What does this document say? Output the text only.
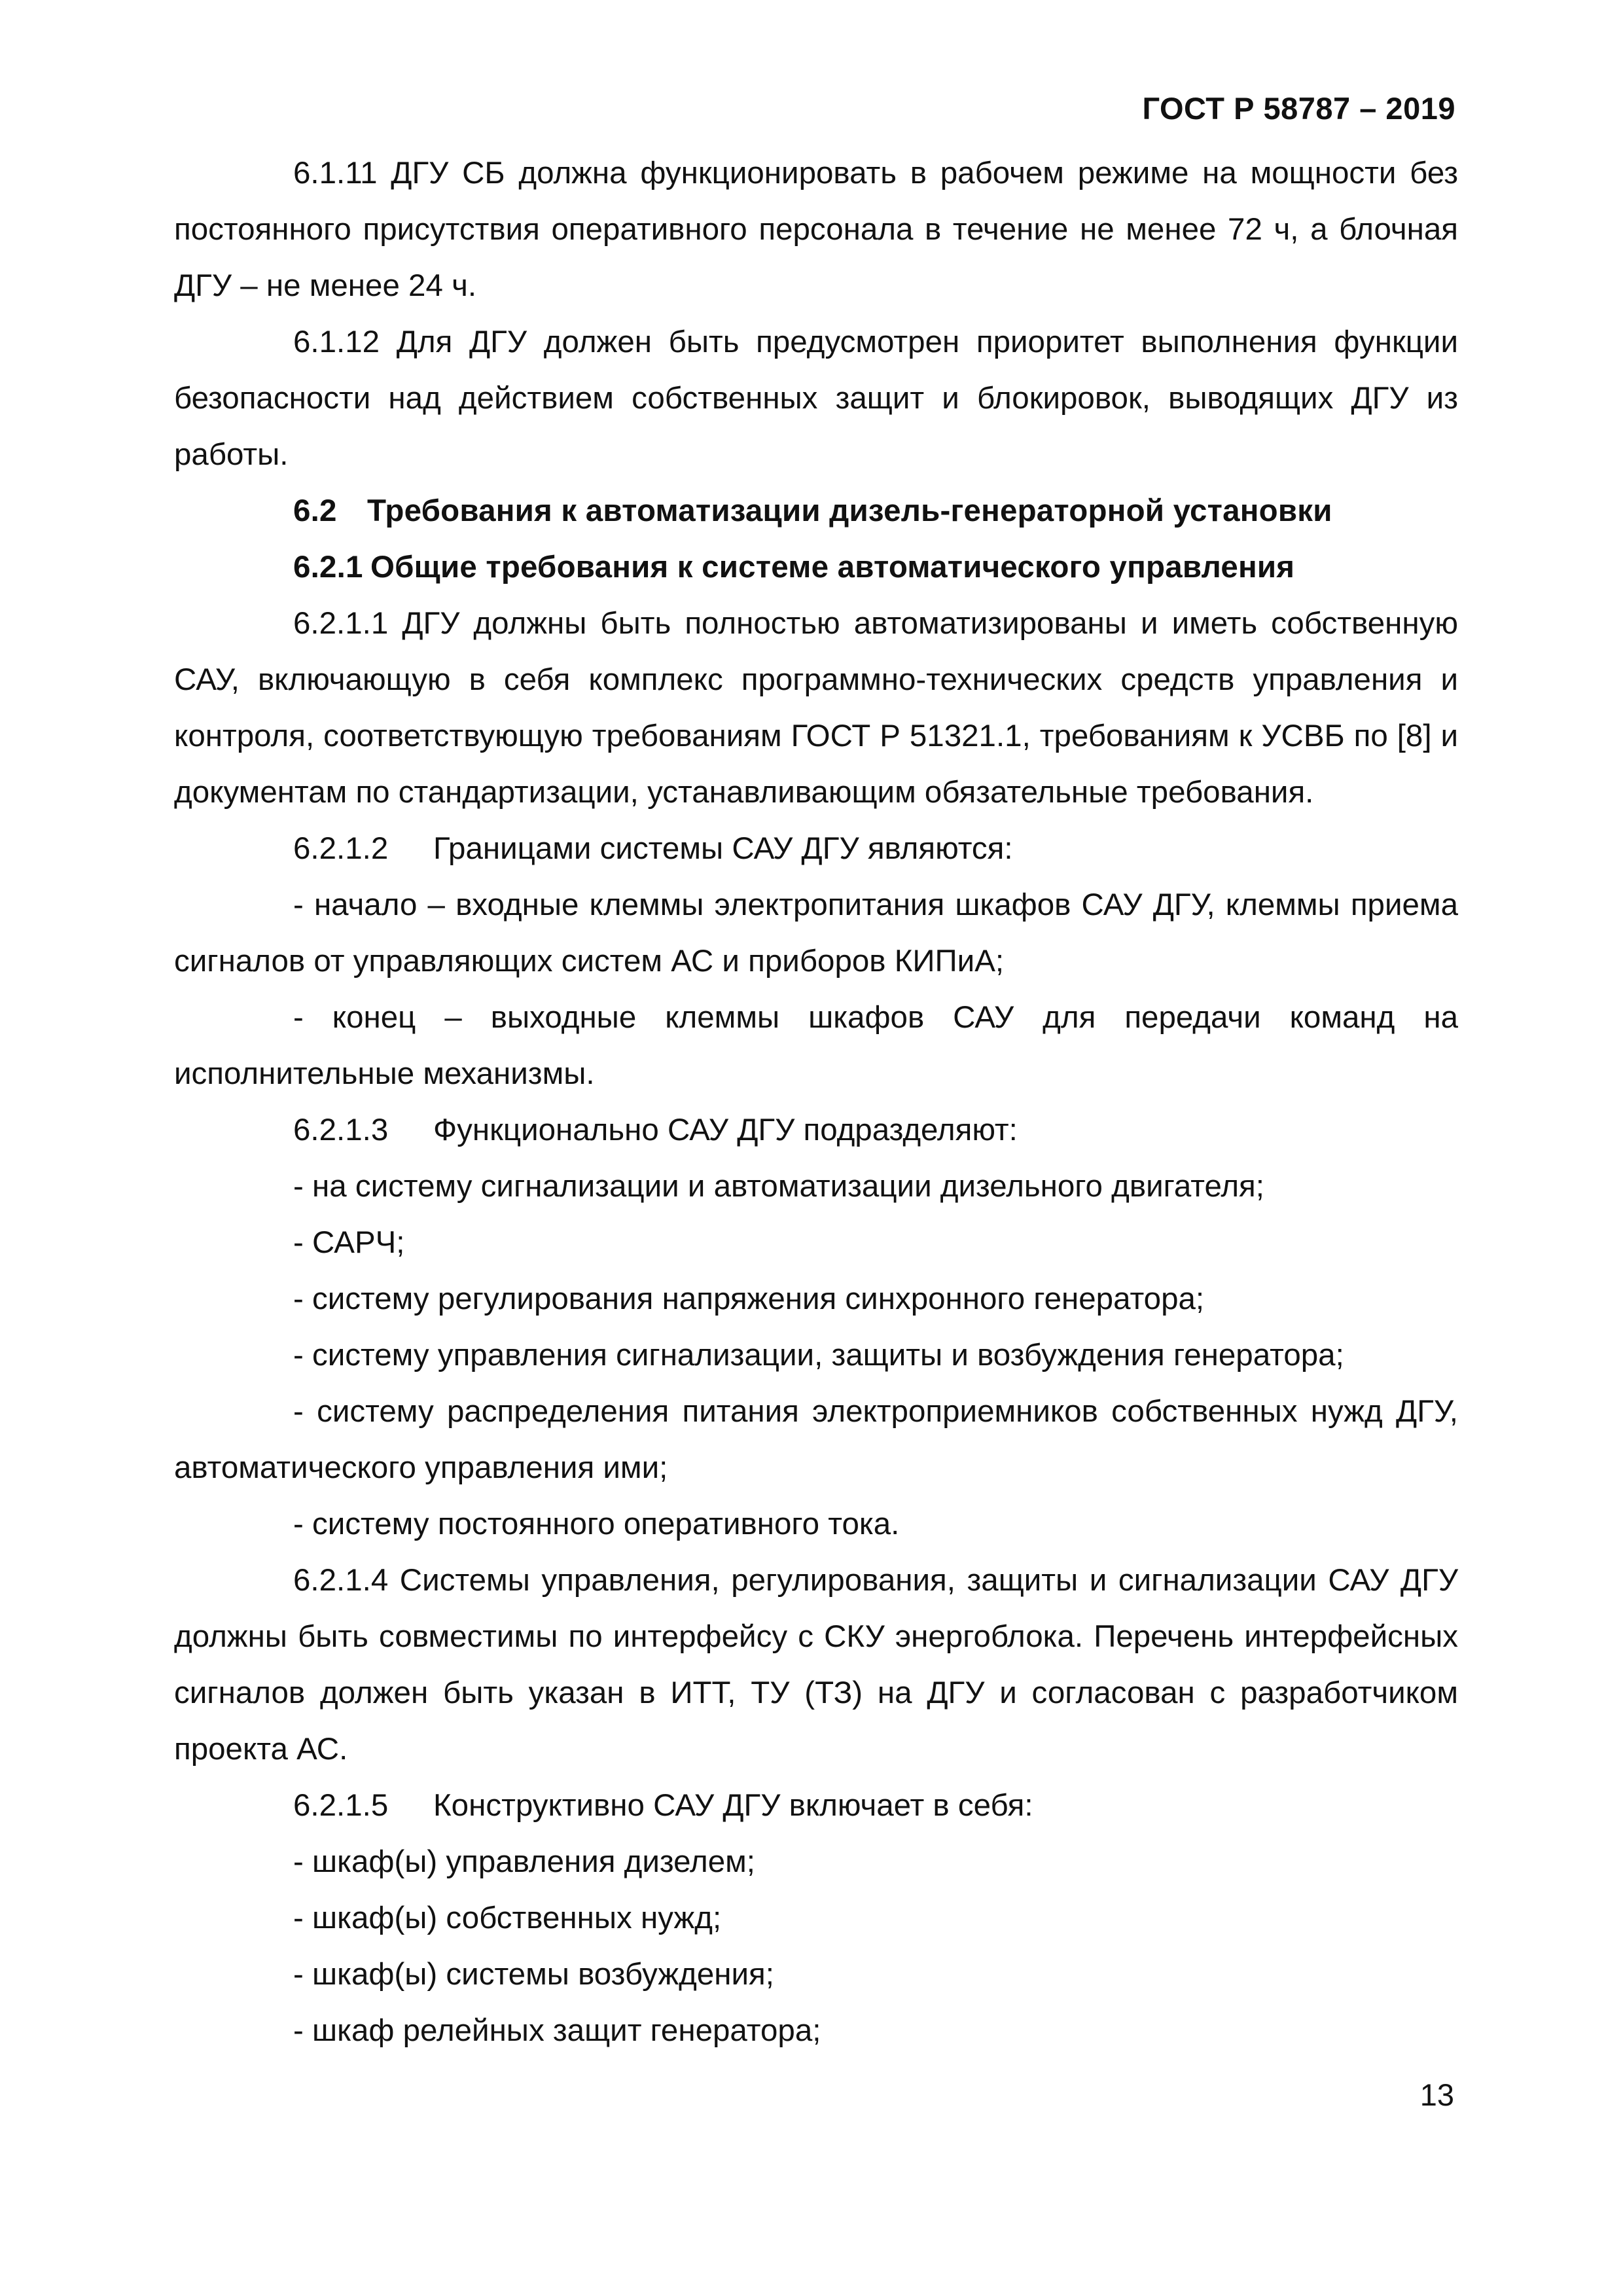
ГОСТ Р 58787 – 2019

6.1.11 ДГУ СБ должна функционировать в рабочем режиме на мощности без постоянного присутствия оперативного персонала в течение не менее 72 ч, а блочная ДГУ – не менее 24 ч.

6.1.12 Для ДГУ должен быть предусмотрен приоритет выполнения функции безопасности над действием собственных защит и блокировок, выводящих ДГУ из работы.

6.2 Требования к автоматизации дизель-генераторной установки

6.2.1 Общие требования к системе автоматического управления

6.2.1.1 ДГУ должны быть полностью автоматизированы и иметь собственную САУ, включающую в себя комплекс программно-технических средств управления и контроля, соответствующую требованиям ГОСТ Р 51321.1, требованиям к УСВБ по [8] и документам по стандартизации, устанавливающим обязательные требования.

6.2.1.2 Границами системы САУ ДГУ являются:

- начало – входные клеммы электропитания шкафов САУ ДГУ, клеммы приема сигналов от управляющих систем АС и приборов КИПиА;

- конец – выходные клеммы шкафов САУ для передачи команд на исполнительные механизмы.

6.2.1.3 Функционально САУ ДГУ подразделяют:

- на систему сигнализации и автоматизации дизельного двигателя;

- САРЧ;

- систему регулирования напряжения синхронного генератора;

- систему управления сигнализации, защиты и возбуждения генератора;

- систему распределения питания электроприемников собственных нужд ДГУ, автоматического управления ими;

- систему постоянного оперативного тока.

6.2.1.4 Системы управления, регулирования, защиты и сигнализации САУ ДГУ должны быть совместимы по интерфейсу с СКУ энергоблока. Перечень интерфейсных сигналов должен быть указан в ИТТ, ТУ (ТЗ) на ДГУ и согласован с разработчиком проекта АС.

6.2.1.5 Конструктивно САУ ДГУ включает в себя:

- шкаф(ы) управления дизелем;

- шкаф(ы) собственных нужд;

- шкаф(ы) системы возбуждения;

- шкаф релейных защит генератора;

13
